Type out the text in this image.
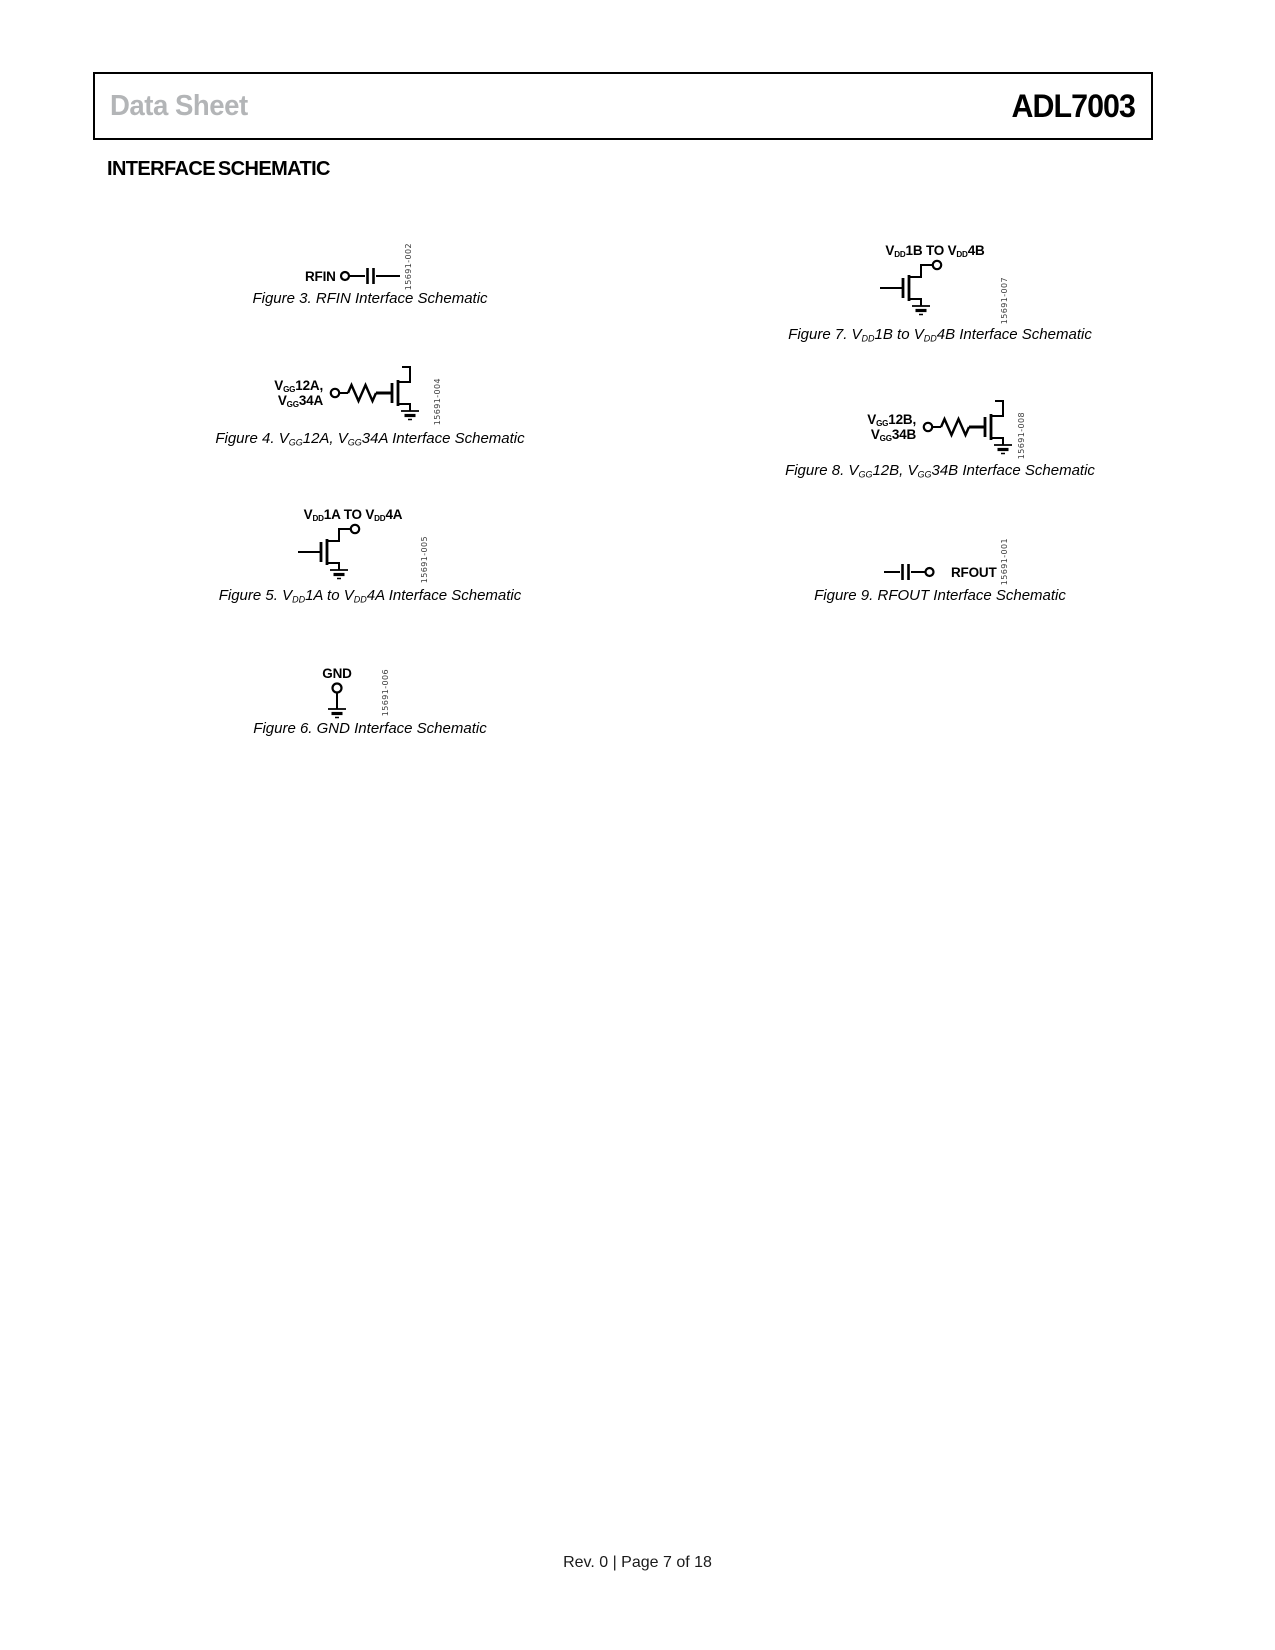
Data Sheet	ADL7003
INTERFACE SCHEMATIC
RFIN	15691-002
Figure 3. RFIN Interface Schematic
$V_{GG}12A$,
$V_{GG}34A$	15691-004
Figure 4. $V_{GG}12A$, $V_{GG}34A$ Interface Schematic
$V_{DD}1A$ TO $V_{DD}4A$
15691-005
Figure 5. $V_{DD}1A$ to $V_{DD}4A$ Interface Schematic
GND	15691-006
Figure 6. GND Interface Schematic
$V_{DD}1B$ TO $V_{DD}4B$
15691-007
Figure 7. $V_{DD}1B$ to $V_{DD}4B$ Interface Schematic
$V_{GG}12B$,
$V_{GG}34B$	15691-008
Figure 8. $V_{GG}12B$, $V_{GG}34B$ Interface Schematic
RFOUT 15691-001
Figure 9. RFOUT Interface Schematic
Rev. 0 | Page 7 of 18
